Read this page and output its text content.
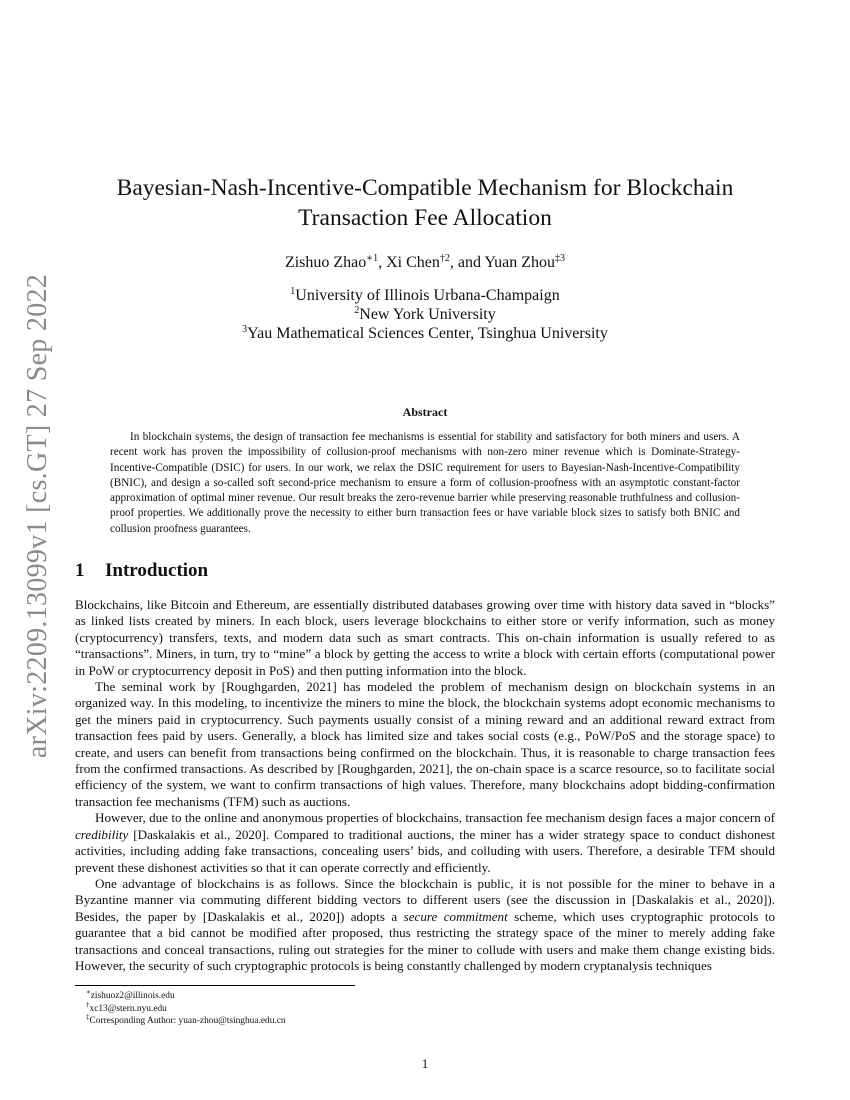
arXiv:2209.13099v1 [cs.GT] 27 Sep 2022
Bayesian-Nash-Incentive-Compatible Mechanism for Blockchain
Transaction Fee Allocation
Zishuo Zhao$^{∗1}$, Xi Chen$^{\dagger 2}$, and Yuan Zhou$^{\ddagger 3}$
$^1$University of Illinois Urbana-Champaign
$^2$New York University
$^3$Yau Mathematical Sciences Center, Tsinghua University
Abstract

In blockchain systems, the design of transaction fee mechanisms is essential for stability and satisfactory for both miners and users. A recent work has proven the impossibility of collusion-proof mechanisms with non-zero miner revenue which is Dominate-Strategy-Incentive-Compatible (DSIC) for users. In our work, we relax the DSIC requirement for users to Bayesian-Nash-Incentive-Compatibility (BNIC), and design a so-called soft second-price mechanism to ensure a form of collusion-proofness with an asymptotic constant-factor approximation of optimal miner revenue. Our result breaks the zero-revenue barrier while preserving reasonable truthfulness and collusion-proof properties. We additionally prove the necessity to either burn transaction fees or have variable block sizes to satisfy both BNIC and collusion proofness guarantees.

1 Introduction

Blockchains, like Bitcoin and Ethereum, are essentially distributed databases growing over time with history data saved in “blocks” as linked lists created by miners. In each block, users leverage blockchains to either store or verify information, such as money (cryptocurrency) transfers, texts, and modern data such as smart contracts. This on-chain information is usually refered to as “transactions”. Miners, in turn, try to “mine” a block by getting the access to write a block with certain efforts (computational power in PoW or cryptocurrency deposit in PoS) and then putting information into the block.

The seminal work by [Roughgarden, 2021] has modeled the problem of mechanism design on blockchain systems in an organized way. In this modeling, to incentivize the miners to mine the block, the blockchain systems adopt economic mechanisms to get the miners paid in cryptocurrency. Such payments usually consist of a mining reward and an additional reward extract from transaction fees paid by users. Generally, a block has limited size and takes social costs (e.g., PoW/PoS and the storage space) to create, and users can benefit from transactions being confirmed on the blockchain. Thus, it is reasonable to charge transaction fees from the confirmed transactions. As described by [Roughgarden, 2021], the on-chain space is a scarce resource, so to facilitate social efficiency of the system, we want to confirm transactions of high values. Therefore, many blockchains adopt bidding-confirmation transaction fee mechanisms (TFM) such as auctions.

However, due to the online and anonymous properties of blockchains, transaction fee mechanism design faces a major concern of credibility [Daskalakis et al., 2020]. Compared to traditional auctions, the miner has a wider strategy space to conduct dishonest activities, including adding fake transactions, concealing users’ bids, and colluding with users. Therefore, a desirable TFM should prevent these dishonest activities so that it can operate correctly and efficiently.

One advantage of blockchains is as follows. Since the blockchain is public, it is not possible for the miner to behave in a Byzantine manner via commuting different bidding vectors to different users (see the discussion in [Daskalakis et al., 2020]). Besides, the paper by [Daskalakis et al., 2020]) adopts a secure commitment scheme, which uses cryptographic protocols to guarantee that a bid cannot be modified after proposed, thus restricting the strategy space of the miner to merely adding fake transactions and conceal transactions, ruling out strategies for the miner to collude with users and make them change existing bids. However, the security of such cryptographic protocols is being constantly challenged by modern cryptanalysis techniques

∗zishuoz2@illinois.edu
†xc13@stern.nyu.edu
‡Corresponding Author: yuan-zhou@tsinghua.edu.cn
1
